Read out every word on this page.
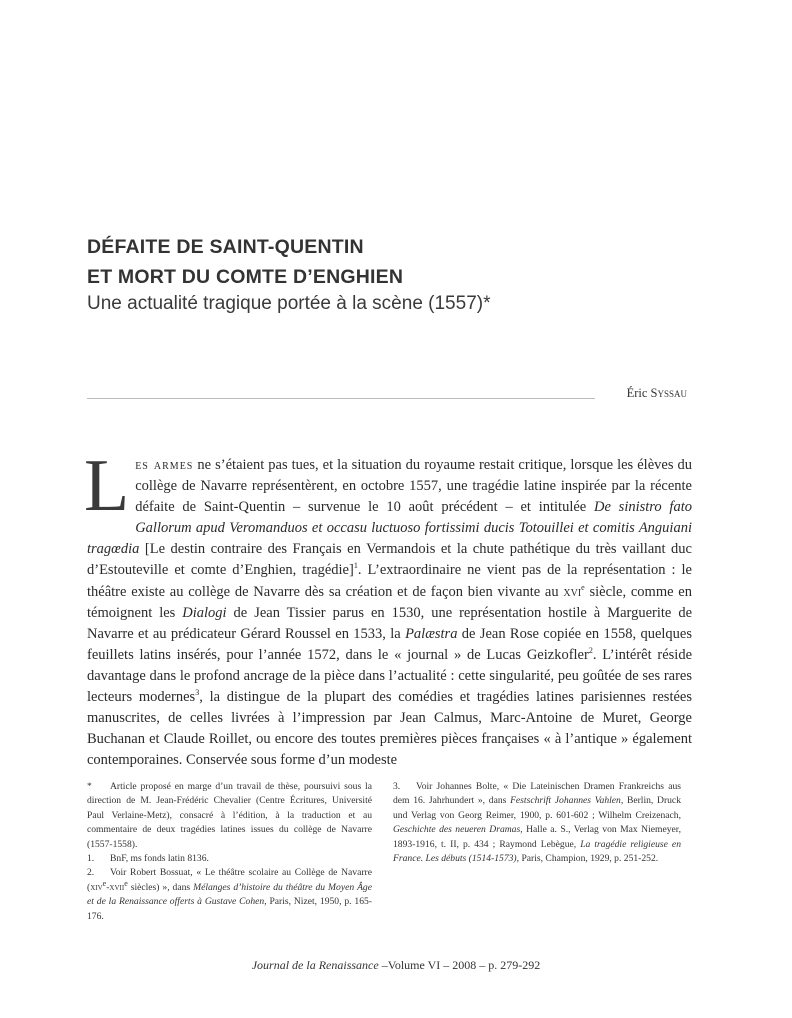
DÉFAITE DE SAINT-QUENTIN
ET MORT DU COMTE D’ENGHIEN
Une actualité tragique portée à la scène (1557)*
Éric Syssau

Les armes ne s’étaient pas tues, et la situation du royaume restait critique, lorsque les élèves du collège de Navarre représentèrent, en octobre 1557, une tragédie latine inspirée par la récente défaite de Saint-Quentin – survenue le 10 août précédent – et intitulée De sinistro fato Gallorum apud Veromanduos et occasu luctuoso fortissimi ducis Totouillei et comitis Anguiani tragœdia [Le destin contraire des Français en Vermandois et la chute pathétique du très vaillant duc d’Estouteville et comte d’Enghien, tragédie]$^1$. L’extraordinaire ne vient pas de la représentation : le théâtre existe au collège de Navarre dès sa création et de façon bien vivante au xvi$^e$ siècle, comme en témoignent les Dialogi de Jean Tissier parus en 1530, une représentation hostile à Marguerite de Navarre et au prédicateur Gérard Roussel en 1533, la Palæstra de Jean Rose copiée en 1558, quelques feuillets latins insérés, pour l’année 1572, dans le « journal » de Lucas Geizkofler$^2$. L’intérêt réside davantage dans le profond ancrage de la pièce dans l’actualité : cette singularité, peu goûtée de ses rares lecteurs modernes$^3$, la distingue de la plupart des comédies et tragédies latines parisiennes restées manuscrites, de celles livrées à l’impression par Jean Calmus, Marc-Antoine de Muret, George Buchanan et Claude Roillet, ou encore des toutes premières pièces françaises « à l’antique » également contemporaines. Conservée sous forme d’un modeste

* Article proposé en marge d’un travail de thèse, poursuivi sous la direction de M. Jean-Frédéric Chevalier (Centre Écritures, Université Paul Verlaine-Metz), consacré à l’édition, à la traduction et au commentaire de deux tragédies latines issues du collège de Navarre (1557-1558).

1. BnF, ms fonds latin 8136.

2. Voir Robert Bossuat, « Le théâtre scolaire au Collège de Navarre (xiv$^e$-xvii$^e$ siècles) », dans Mélanges d’histoire du théâtre du Moyen Âge et de la Renaissance offerts à Gustave Cohen, Paris, Nizet, 1950, p. 165-176.

3. Voir Johannes Bolte, « Die Lateinischen Dramen Frankreichs aus dem 16. Jahrhundert », dans Festschrift Johannes Vahlen, Berlin, Druck und Verlag von Georg Reimer, 1900, p. 601-602 ; Wilhelm Creizenach, Geschichte des neueren Dramas, Halle a. S., Verlag von Max Niemeyer, 1893-1916, t. II, p. 434 ; Raymond Lebègue, La tragédie religieuse en France. Les débuts (1514-1573), Paris, Champion, 1929, p. 251-252.

Journal de la Renaissance –Volume VI – 2008 – p. 279-292
